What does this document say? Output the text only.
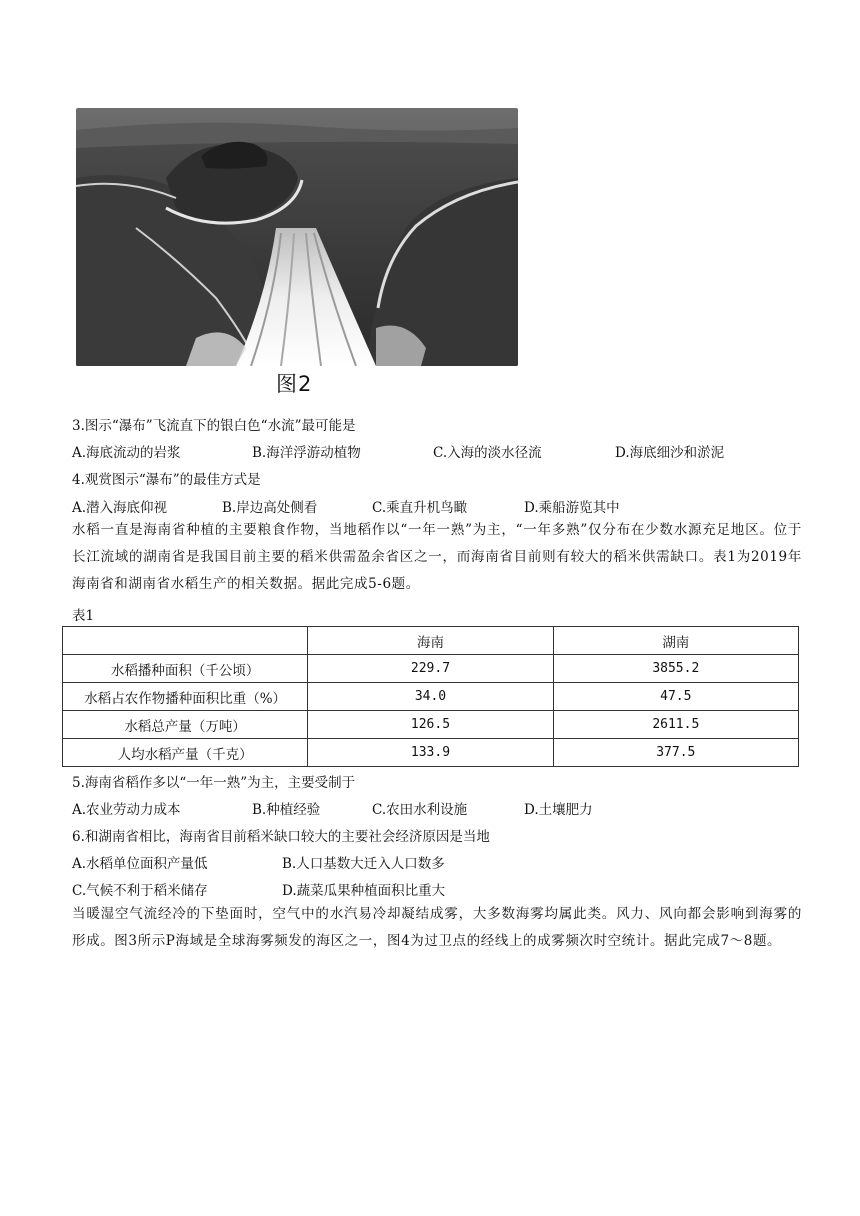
图2
3.图示“瀑布”飞流直下的银白色“水流”最可能是
A.海底流动的岩浆	B.海洋浮游动植物	C.入海的淡水径流	D.海底细沙和淤泥
4.观赏图示“瀑布”的最佳方式是
A.潜入海底仰视	B.岸边高处侧看	C.乘直升机鸟瞰	D.乘船游览其中
水稻一直是海南省种植的主要粮食作物，当地稻作以“一年一熟”为主，“一年多熟”仅分布在少数水源充足地区。位于长江流域的湖南省是我国目前主要的稻米供需盈余省区之一，而海南省目前则有较大的稻米供需缺口。表1为2019年海南省和湖南省水稻生产的相关数据。据此完成5-6题。
表1
	海南	湖南
水稻播种面积（千公顷）	229.7	3855.2
水稻占农作物播种面积比重（%）	34.0	47.5
水稻总产量（万吨）	126.5	2611.5
人均水稻产量（千克）	133.9	377.5
5.海南省稻作多以“一年一熟”为主，主要受制于
A.农业劳动力成本	B.种植经验	C.农田水利设施	D.土壤肥力
6.和湖南省相比，海南省目前稻米缺口较大的主要社会经济原因是当地
A.水稻单位面积产量低	B.人口基数大迁入人口数多
C.气候不利于稻米储存	D.蔬菜瓜果种植面积比重大
当暖湿空气流经冷的下垫面时，空气中的水汽易冷却凝结成雾，大多数海雾均属此类。风力、风向都会影响到海雾的形成。图3所示P海域是全球海雾频发的海区之一，图4为过卫点的经线上的成雾频次时空统计。据此完成7～8题。
